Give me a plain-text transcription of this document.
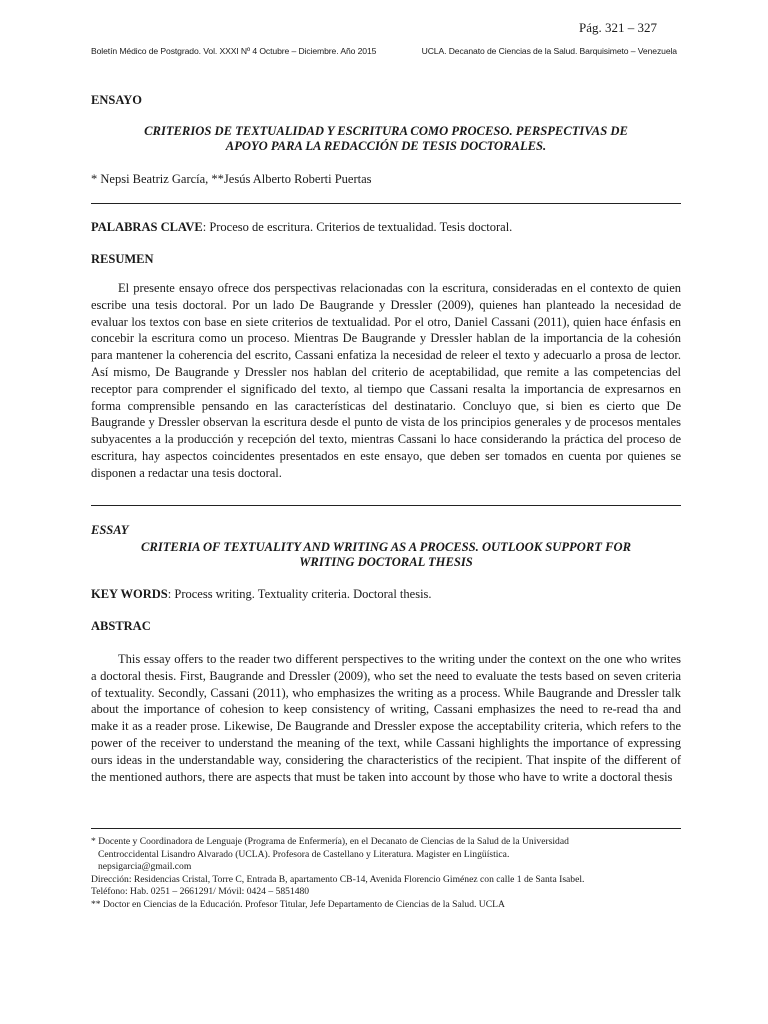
Pág. 321 – 327
Boletín Médico de Postgrado. Vol. XXXI Nº 4 Octubre – Diciembre. Año 2015	UCLA. Decanato de Ciencias de la Salud. Barquisimeto – Venezuela
ENSAYO
CRITERIOS DE TEXTUALIDAD Y ESCRITURA COMO PROCESO. PERSPECTIVAS DE
APOYO PARA LA REDACCIÓN DE TESIS DOCTORALES.
* Nepsi Beatriz García, **Jesús Alberto Roberti Puertas
PALABRAS CLAVE: Proceso de escritura. Criterios de textualidad. Tesis doctoral.
RESUMEN

El presente ensayo ofrece dos perspectivas relacionadas con la escritura, consideradas en el contexto de quien escribe una tesis doctoral. Por un lado De Baugrande y Dressler (2009), quienes han planteado la necesidad de evaluar los textos con base en siete criterios de textualidad. Por el otro, Daniel Cassani (2011), quien hace énfasis en concebir la escritura como un proceso. Mientras De Baugrande y Dressler hablan de la importancia de la cohesión para mantener la coherencia del escrito, Cassani enfatiza la necesidad de releer el texto y adecuarlo a prosa de lector. Así mismo, De Baugrande y Dressler nos hablan del criterio de aceptabilidad, que remite a las competencias del receptor para comprender el significado del texto, al tiempo que Cassani resalta la importancia de expresarnos en forma comprensible pensando en las características del destinatario. Concluyo que, si bien es cierto que De Baugrande y Dressler observan la escritura desde el punto de vista de los principios generales y de procesos mentales subyacentes a la producción y recepción del texto, mientras Cassani lo hace considerando la práctica del proceso de escritura, hay aspectos coincidentes presentados en este ensayo, que deben ser tomados en cuenta por quienes se disponen a redactar una tesis doctoral.

ESSAY
CRITERIA OF TEXTUALITY AND WRITING AS A PROCESS. OUTLOOK SUPPORT FOR
WRITING DOCTORAL THESIS
KEY WORDS: Process writing. Textuality criteria. Doctoral thesis.
ABSTRAC

This essay offers to the reader two different perspectives to the writing under the context on the one who writes a doctoral thesis. First, Baugrande and Dressler (2009), who set the need to evaluate the tests based on seven criteria of textuality. Secondly, Cassani (2011), who emphasizes the writing as a process. While Baugrande and Dressler talk about the importance of cohesion to keep consistency of writing, Cassani emphasizes the need to re-read tha and make it as a reader prose. Likewise, De Baugrande and Dressler expose the acceptability criteria, which refers to the power of the receiver to understand the meaning of the text, while Cassani highlights the importance of expressing ours ideas in the understandable way, considering the characteristics of the recipient. That inspite of the different of the mentioned authors, there are aspects that must be taken into account by those who have to write a doctoral thesis

* Docente y Coordinadora de Lenguaje (Programa de Enfermería), en el Decanato de Ciencias de la Salud de la Universidad
Centroccidental Lisandro Alvarado (UCLA). Profesora de Castellano y Literatura. Magister en Lingüística.
nepsigarcia@gmail.com
Dirección: Residencias Cristal, Torre C, Entrada B, apartamento CB-14, Avenida Florencio Giménez con calle 1 de Santa Isabel.
Teléfono: Hab. 0251 – 2661291/ Móvil: 0424 – 5851480
** Doctor en Ciencias de la Educación. Profesor Titular, Jefe Departamento de Ciencias de la Salud. UCLA
